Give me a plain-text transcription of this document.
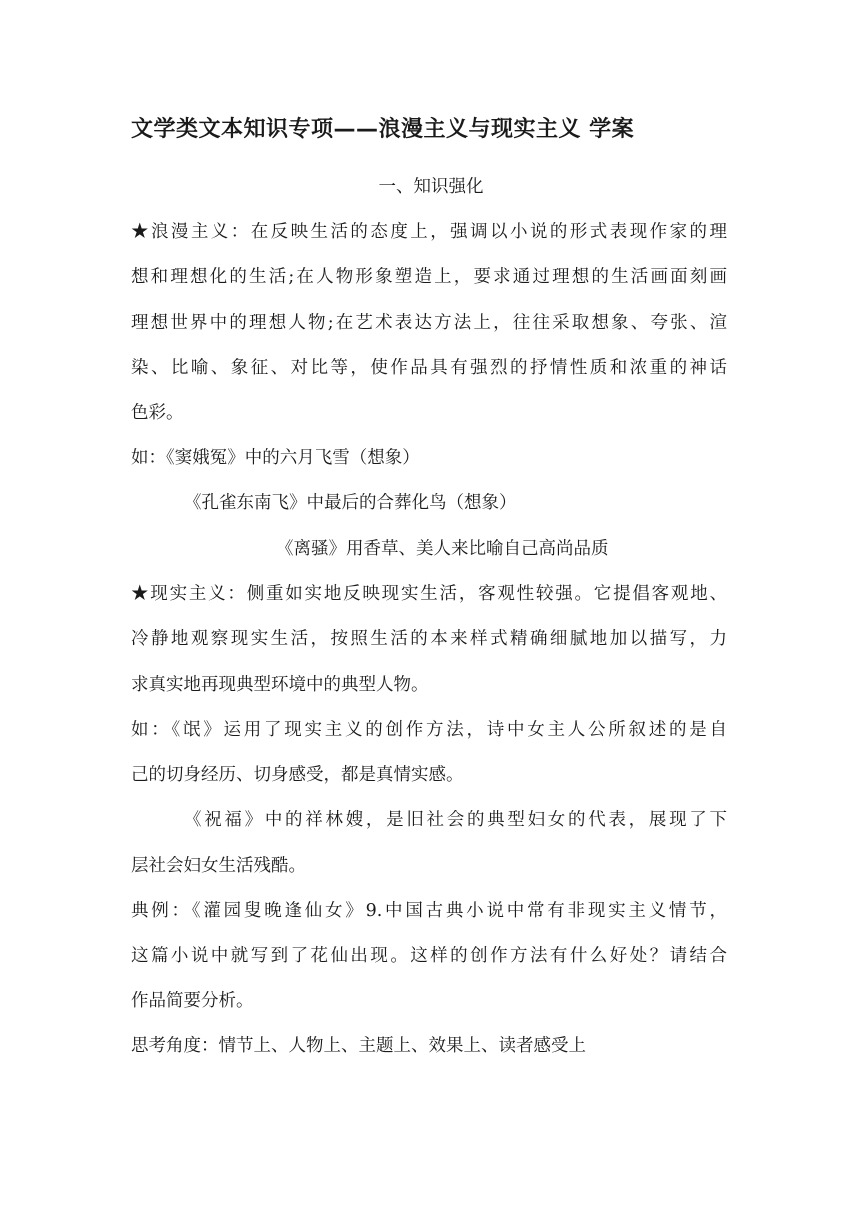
文学类文本知识专项——浪漫主义与现实主义 学案

一、知识强化

★浪漫主义：在反映生活的态度上，强调以小说的形式表现作家的理

想和理想化的生活;在人物形象塑造上，要求通过理想的生活画面刻画

理想世界中的理想人物;在艺术表达方法上，往往采取想象、夸张、渲

染、比喻、象征、对比等，使作品具有强烈的抒情性质和浓重的神话

色彩。

如：《窦娥冤》中的六月飞雪（想象）

《孔雀东南飞》中最后的合葬化鸟（想象）

《离骚》用香草、美人来比喻自己高尚品质

★现实主义：侧重如实地反映现实生活，客观性较强。它提倡客观地、

冷静地观察现实生活，按照生活的本来样式精确细腻地加以描写，力

求真实地再现典型环境中的典型人物。

如：《氓》运用了现实主义的创作方法，诗中女主人公所叙述的是自

己的切身经历、切身感受，都是真情实感。

《祝福》中的祥林嫂，是旧社会的典型妇女的代表，展现了下

层社会妇女生活残酷。

典例：《灌园叟晚逢仙女》9.中国古典小说中常有非现实主义情节，

这篇小说中就写到了花仙出现。这样的创作方法有什么好处？请结合

作品简要分析。

思考角度：情节上、人物上、主题上、效果上、读者感受上
